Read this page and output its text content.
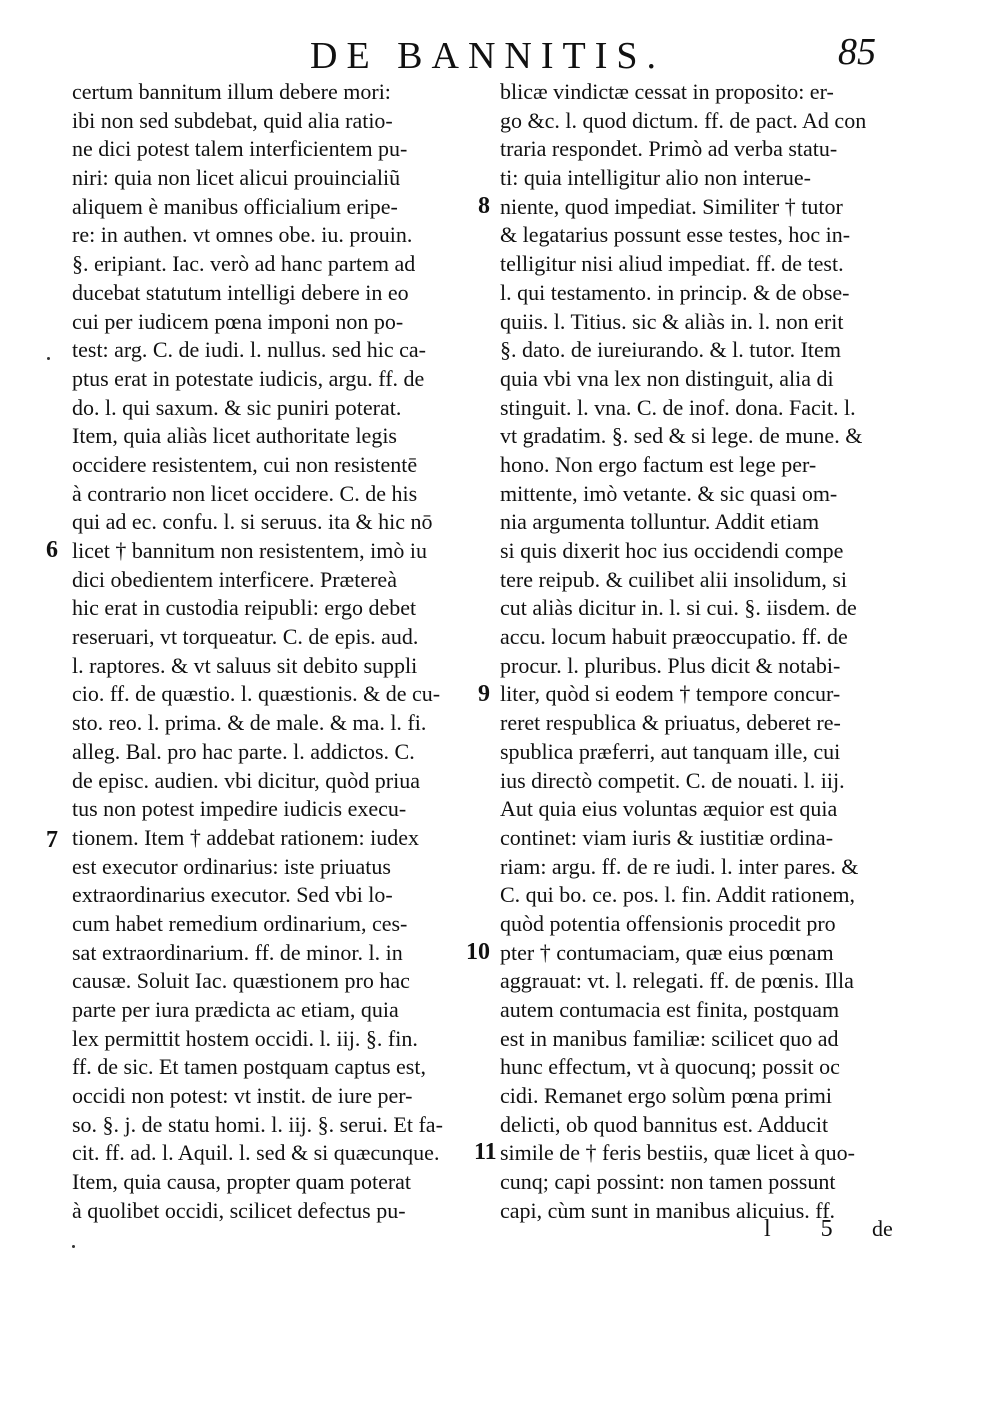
DE BANNITIS.	85
certum bannitum illum debere mori:
ibi non sed subdebat, quid alia ratio-
ne dici potest talem interficientem pu-
niri: quia non licet alicui prouincialiũ
aliquem è manibus officialium eripe-
re: in authen. vt omnes obe. iu. prouin.
§. eripiant. Iac. verò ad hanc partem ad
ducebat statutum intelligi debere in eo
cui per iudicem pœna imponi non po-
test: arg. C. de iudi. l. nullus. sed hic ca-
ptus erat in potestate iudicis, argu. ff. de
do. l. qui saxum. & sic puniri poterat.
Item, quia aliàs licet authoritate legis
occidere resistentem, cui non resistentē
à contrario non licet occidere. C. de his
qui ad ec. confu. l. si seruus. ita & hic nō
licet † bannitum non resistentem, imò iu
dici obedientem interficere. Prætereà
hic erat in custodia reipubli: ergo debet
reseruari, vt torqueatur. C. de epis. aud.
l. raptores. & vt saluus sit debito suppli
cio. ff. de quæstio. l. quæstionis. & de cu-
sto. reo. l. prima. & de male. & ma. l. fi.
alleg. Bal. pro hac parte. l. addictos. C.
de episc. audien. vbi dicitur, quòd priua
tus non potest impedire iudicis execu-
tionem. Item † addebat rationem: iudex
est executor ordinarius: iste priuatus
extraordinarius executor. Sed vbi lo-
cum habet remedium ordinarium, ces-
sat extraordinarium. ff. de minor. l. in
causæ. Soluit Iac. quæstionem pro hac
parte per iura prædicta ac etiam, quia
lex permittit hostem occidi. l. iij. §. fin.
ff. de sic. Et tamen postquam captus est,
occidi non potest: vt instit. de iure per-
so. §. j. de statu homi. l. iij. §. serui. Et fa-
cit. ff. ad. l. Aquil. l. sed & si quæcunque.
Item, quia causa, propter quam poterat
à quolibet occidi, scilicet defectus pu-
blicæ vindictæ cessat in proposito: er-
go &c. l. quod dictum. ff. de pact. Ad con
traria respondet. Primò ad verba statu-
ti: quia intelligitur alio non interue-
niente, quod impediat. Similiter † tutor
& legatarius possunt esse testes, hoc in-
telligitur nisi aliud impediat. ff. de test.
l. qui testamento. in princip. & de obse-
quiis. l. Titius. sic & aliàs in. l. non erit
§. dato. de iureiurando. & l. tutor. Item
quia vbi vna lex non distinguit, alia di
stinguit. l. vna. C. de inof. dona. Facit. l.
vt gradatim. §. sed & si lege. de mune. &
hono. Non ergo factum est lege per-
mittente, imò vetante. & sic quasi om-
nia argumenta tolluntur. Addit etiam
si quis dixerit hoc ius occidendi compe
tere reipub. & cuilibet alii insolidum, si
cut aliàs dicitur in. l. si cui. §. iisdem. de
accu. locum habuit præoccupatio. ff. de
procur. l. pluribus. Plus dicit & notabi-
liter, quòd si eodem † tempore concur-
reret respublica & priuatus, deberet re-
spublica præferri, aut tanquam ille, cui
ius directò competit. C. de nouati. l. iij.
Aut quia eius voluntas æquior est quia
continet: viam iuris & iustitiæ ordina-
riam: argu. ff. de re iudi. l. inter pares. &
C. qui bo. ce. pos. l. fin. Addit rationem,
quòd potentia offensionis procedit pro
pter † contumaciam, quæ eius pœnam
aggrauat: vt. l. relegati. ff. de pœnis. Illa
autem contumacia est finita, postquam
est in manibus familiæ: scilicet quo ad
hunc effectum, vt à quocunq; possit oc
cidi. Remanet ergo solùm pœna primi
delicti, ob quod bannitus est. Adducit
simile de † feris bestiis, quæ licet à quo-
cunq; capi possint: non tamen possunt
capi, cùm sunt in manibus alicuius. ff.
6
7
8
9
10
11
l 5 de
